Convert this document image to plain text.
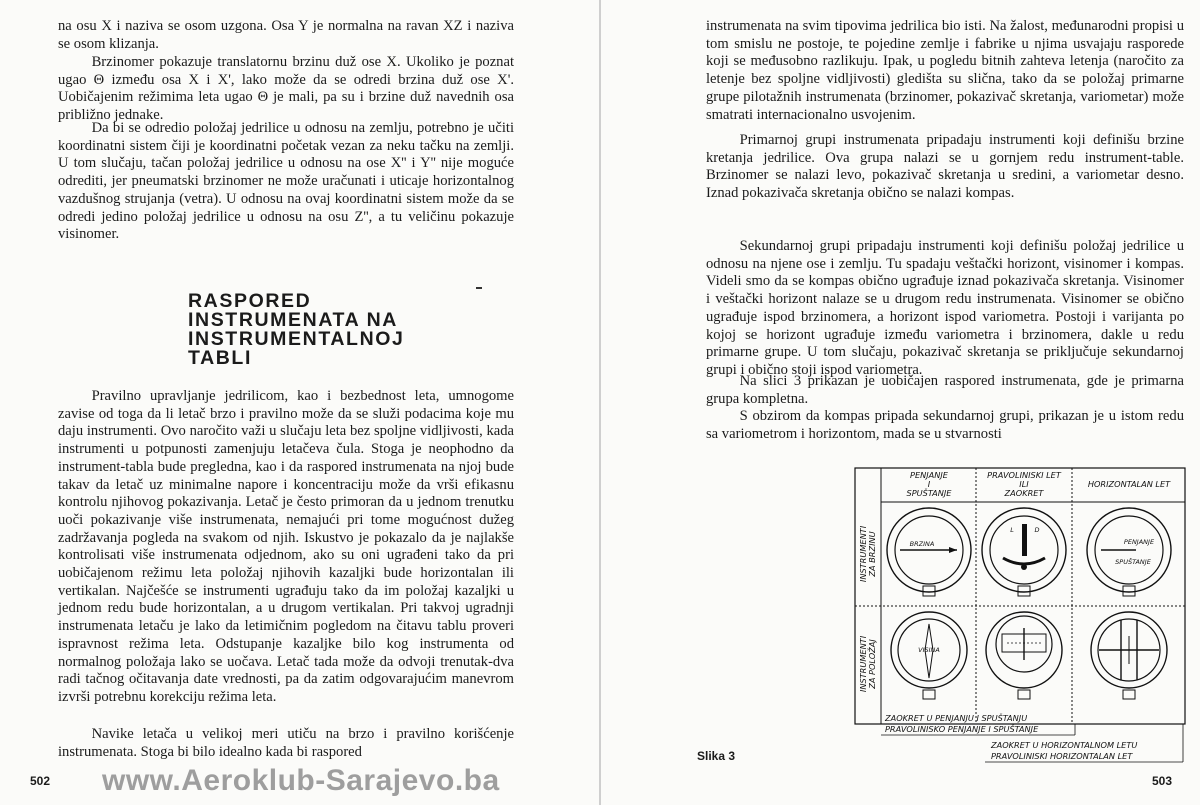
na osu X i naziva se osom uzgona. Osa Y je normalna na ravan XZ i naziva se osom klizanja.

Brzinomer pokazuje translatornu brzinu duž ose X. Ukoliko je poznat ugao Θ između osa X i X', lako može da se odredi brzina duž ose X'. Uobičajenim režimima leta ugao Θ je mali, pa su i brzine duž navednih osa približno jednake.

Da bi se odredio položaj jedrilice u odnosu na zemlju, potrebno je učiti koordinatni sistem čiji je koordinatni početak vezan za neku tačku na zemlji. U tom slučaju, tačan položaj jedrilice u odnosu na ose X'' i Y'' nije moguće odrediti, jer pneumatski brzinomer ne može uračunati i uticaje horizontalnog vazdušnog strujanja (vetra). U odnosu na ovaj koordinatni sistem može da se odredi jedino položaj jedrilice u odnosu na osu Z'', a tu veličinu pokazuje visinomer.

RASPORED
INSTRUMENATA NA
INSTRUMENTALNOJ
TABLI

Pravilno upravljanje jedrilicom, kao i bezbednost leta, umnogome zavise od toga da li letač brzo i pravilno može da se služi podacima koje mu daju instrumenti. Ovo naročito važi u slučaju leta bez spoljne vidljivosti, kada instrumenti u potpunosti zamenjuju letačeva čula. Stoga je neophodno da instrument-tabla bude pregledna, kao i da raspored instrumenata na njoj bude takav da letač uz minimalne napore i koncentraciju može da vrši efikasnu kontrolu njihovog pokazivanja. Letač je često primoran da u jednom trenutku uoči pokazivanje više instrumenata, nemajući pri tome mogućnost dužeg zadržavanja pogleda na svakom od njih. Iskustvo je pokazalo da je najlakše kontrolisati više instrumenata odjednom, ako su oni ugrađeni tako da pri uobičajenom režimu leta položaj njihovih kazaljki bude horizontalan ili vertikalan. Najčešće se instrumenti ugrađuju tako da im položaj kazaljki u jednom redu bude horizontalan, a u drugom vertikalan. Pri takvoj ugradnji instrumenata letaču je lako da letimičnim pogledom na čitavu tablu proveri ispravnost režima leta. Odstupanje kazaljke bilo kog instrumenta od normalnog položaja lako se uočava. Letač tada može da odvoji trenutak-dva radi tačnog očitavanja date vrednosti, pa da zatim odgovarajućim manevrom izvrši potrebnu korekciju režima leta.

Navike letača u velikoj meri utiču na brzo i pravilno korišćenje instrumenata. Stoga bi bilo idealno kada bi raspored

502

instrumenata na svim tipovima jedrilica bio isti. Na žalost, međunarodni propisi u tom smislu ne postoje, te pojedine zemlje i fabrike u njima usvajaju rasporede koji se međusobno razlikuju. Ipak, u pogledu bitnih zahteva letenja (naročito za letenje bez spoljne vidljivosti) gledišta su slična, tako da se položaj primarne grupe pilotažnih instrumenata (brzinomer, pokazivač skretanja, variometar) može smatrati internacionalno usvojenim.

Primarnoj grupi instrumenata pripadaju instrumenti koji definišu brzine kretanja jedrilice. Ova grupa nalazi se u gornjem redu instrument-table. Brzinomer se nalazi levo, pokazivač skretanja u sredini, a variometar desno. Iznad pokazivača skretanja obično se nalazi kompas.

Sekundarnoj grupi pripadaju instrumenti koji definišu položaj jedrilice u odnosu na njene ose i zemlju. Tu spadaju veštački horizont, visinomer i kompas. Videli smo da se kompas obično ugrađuje iznad pokazivača skretanja. Visinomer i veštački horizont nalaze se u drugom redu instrumenata. Visinomer se obično ugrađuje ispod brzinomera, a horizont ispod variometra. Postoji i varijanta po kojoj se horizont ugrađuje između variometra i brzinomera, dakle u redu primarne grupe. U tom slučaju, pokazivač skretanja se priključuje sekundarnoj grupi i obično stoji ispod variometra.

Na slici 3 prikazan je uobičajen raspored instrumenata, gde je primarna grupa kompletna.

S obzirom da kompas pripada sekundarnoj grupi, prikazan je u istom redu sa variometrom i horizontom, mada se u stvarnosti

503

Slika 3

PENJANJE
I
SPUŠTANJE
PRAVOLINISKI LET
ILI
ZAOKRET
HORIZONTALAN LET
INSTRUMENTI ZA BRZINU
INSTRUMENTI ZA POLOŽAJ
BRZINA
L	D
PENJANJE
SPUŠTANJE
VISINA
ZAOKRET U PENJANJU I SPUŠTANJU
PRAVOLINISKO PENJANJE I SPUŠTANJE
ZAOKRET U HORIZONTALNOM LETU
PRAVOLINISKI HORIZONTALAN LET

www.Aeroklub-Sarajevo.ba
